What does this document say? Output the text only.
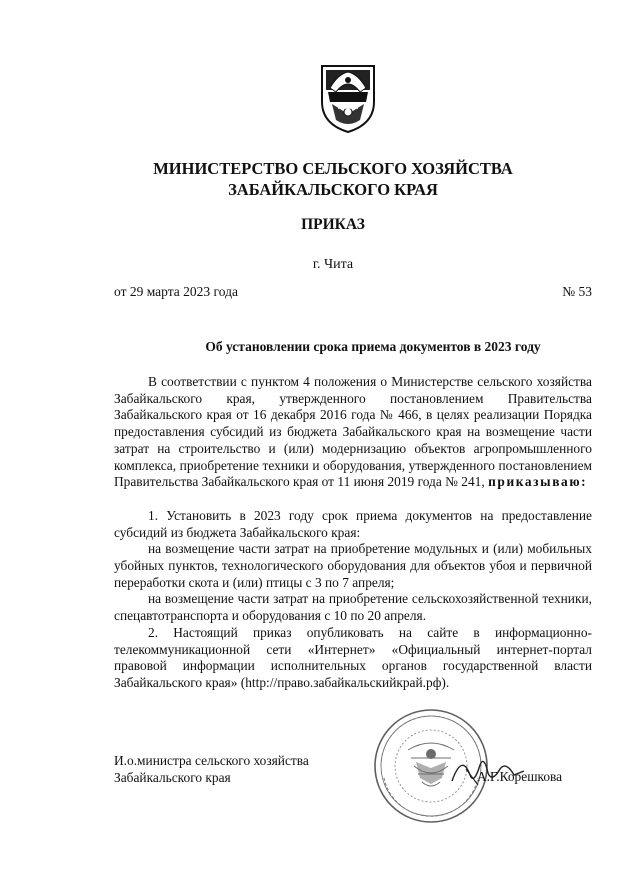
МИНИСТЕРСТВО СЕЛЬСКОГО ХОЗЯЙСТВА
ЗАБАЙКАЛЬСКОГО КРАЯ
ПРИКАЗ
г. Чита
от 29 марта 2023 года	№ 53
Об установлении срока приема документов в 2023 году

В соответствии с пунктом 4 положения о Министерстве сельского хозяйства Забайкальского края, утвержденного постановлением Правительства Забайкальского края от 16 декабря 2016 года № 466, в целях реализации Порядка предоставления субсидий из бюджета Забайкальского края на возмещение части затрат на строительство и (или) модернизацию объектов агропромышленного комплекса, приобретение техники и оборудования, утвержденного постановлением Правительства Забайкальского края от 11 июня 2019 года № 241, приказываю:

1. Установить в 2023 году срок приема документов на предоставление субсидий из бюджета Забайкальского края:

на возмещение части затрат на приобретение модульных и (или) мобильных убойных пунктов, технологического оборудования для объектов убоя и первичной переработки скота и (или) птицы с 3 по 7 апреля;

на возмещение части затрат на приобретение сельскохозяйственной техники, спецавтотранспорта и оборудования с 10 по 20 апреля.

2. Настоящий приказ опубликовать на сайте в информационно-телекоммуникационной сети «Интернет» «Официальный интернет-портал правовой информации исполнительных органов государственной власти Забайкальского края» (http://право.забайкальскийкрай.рф).

И.о.министра сельского хозяйства
Забайкальского края	А.Г.Корешкова
